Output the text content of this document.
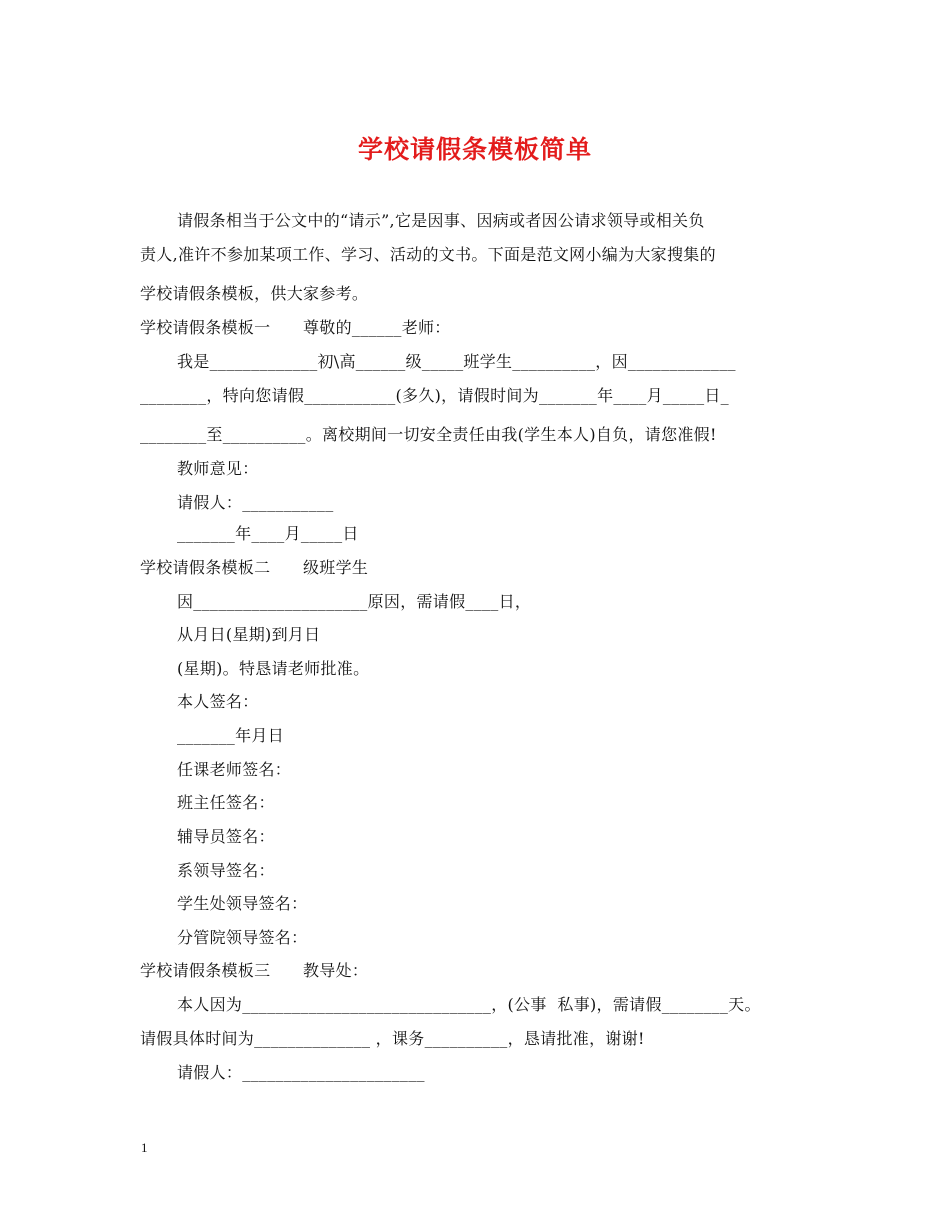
学校请假条模板简单
请假条相当于公文中的“请示”,它是因事、因病或者因公请求领导或相关负
责人,准许不参加某项工作、学习、活动的文书。下面是范文网小编为大家搜集的
学校请假条模板，供大家参考。
学校请假条模板一　　尊敬的______老师：
我是_____________初\高______级_____班学生__________，因_____________
________，特向您请假___________(多久)，请假时间为_______年____月_____日_
________至__________。离校期间一切安全责任由我(学生本人)自负，请您准假!
教师意见：
请假人：___________
_______年____月_____日
学校请假条模板二　　级班学生
因_____________________原因，需请假____日，
从月日(星期)到月日
(星期)。特恳请老师批准。
本人签名：
_______年月日
任课老师签名：
班主任签名：
辅导员签名：
系领导签名：
学生处领导签名：
分管院领导签名：
学校请假条模板三　　教导处：
本人因为______________________________，(公事  私事)，需请假________天。
请假具体时间为______________ ，课务__________，恳请批准，谢谢!
请假人：______________________
1
